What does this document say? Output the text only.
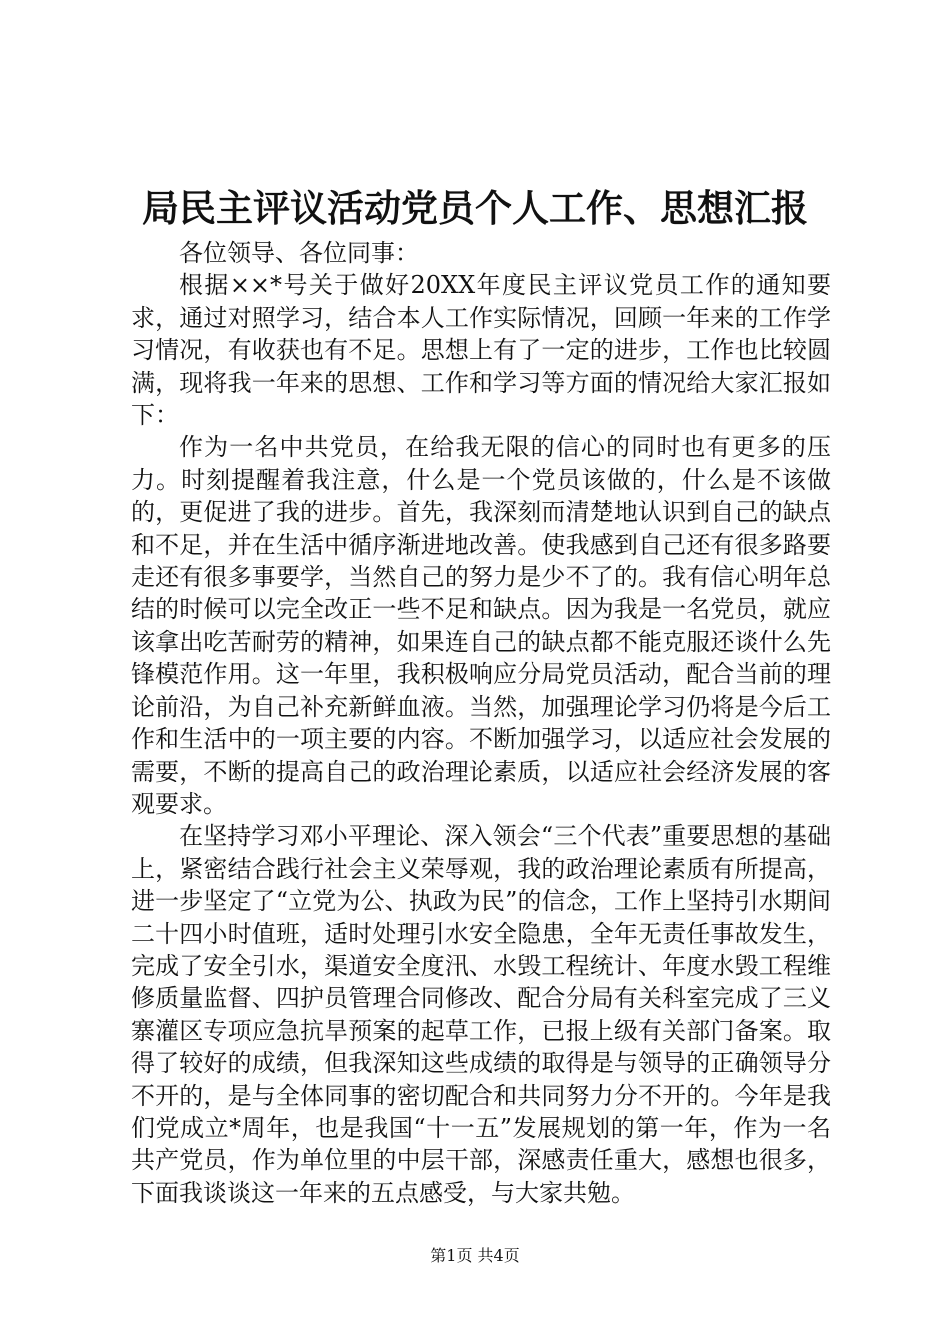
局民主评议活动党员个人工作、思想汇报

各位领导、各位同事：

根据××*号关于做好20XX年度民主评议党员工作的通知要求，通过对照学习，结合本人工作实际情况，回顾一年来的工作学习情况，有收获也有不足。思想上有了一定的进步，工作也比较圆满，现将我一年来的思想、工作和学习等方面的情况给大家汇报如下：

作为一名中共党员，在给我无限的信心的同时也有更多的压力。时刻提醒着我注意，什么是一个党员该做的，什么是不该做的，更促进了我的进步。首先，我深刻而清楚地认识到自己的缺点和不足，并在生活中循序渐进地改善。使我感到自己还有很多路要走还有很多事要学，当然自己的努力是少不了的。我有信心明年总结的时候可以完全改正一些不足和缺点。因为我是一名党员，就应该拿出吃苦耐劳的精神，如果连自己的缺点都不能克服还谈什么先锋模范作用。这一年里，我积极响应分局党员活动，配合当前的理论前沿，为自己补充新鲜血液。当然，加强理论学习仍将是今后工作和生活中的一项主要的内容。不断加强学习，以适应社会发展的需要，不断的提高自己的政治理论素质，以适应社会经济发展的客观要求。

在坚持学习邓小平理论、深入领会“三个代表”重要思想的基础上，紧密结合践行社会主义荣辱观，我的政治理论素质有所提高，进一步坚定了“立党为公、执政为民”的信念，工作上坚持引水期间二十四小时值班，适时处理引水安全隐患，全年无责任事故发生，完成了安全引水，渠道安全度汛、水毁工程统计、年度水毁工程维修质量监督、四护员管理合同修改、配合分局有关科室完成了三义寨灌区专项应急抗旱预案的起草工作，已报上级有关部门备案。取得了较好的成绩，但我深知这些成绩的取得是与领导的正确领导分不开的，是与全体同事的密切配合和共同努力分不开的。今年是我们党成立*周年，也是我国“十一五”发展规划的第一年，作为一名共产党员，作为单位里的中层干部，深感责任重大，感想也很多，下面我谈谈这一年来的五点感受，与大家共勉。

第1页 共4页
